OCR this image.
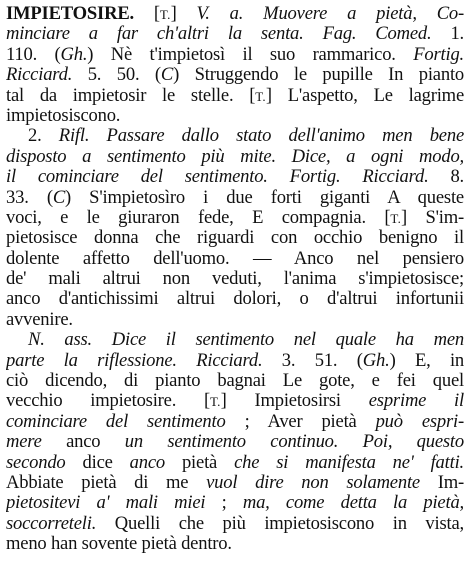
IMPIETOSIRE. [T.] V. a. Muovere a pietà, Co-
minciare a far ch'altri la senta. Fag. Comed. 1.
110. (Gh.) Nè t'impietosì il suo rammarico. Fortig.
Ricciard. 5. 50. (C) Struggendo le pupille In pianto
tal da impietosir le stelle. [T.] L'aspetto, Le lagrime
impietosiscono.
2. Rifl. Passare dallo stato dell'animo men bene
disposto a sentimento più mite. Dice, a ogni modo,
il cominciare del sentimento. Fortig. Ricciard. 8.
33. (C) S'impietosìro i due forti giganti A queste
voci, e le giuraron fede, E compagnia. [T.] S'im-
pietosisce donna che riguardi con occhio benigno il
dolente affetto dell'uomo. — Anco nel pensiero
de' mali altrui non veduti, l'anima s'impietosisce;
anco d'antichissimi altrui dolori, o d'altrui infortunii
avvenire.
N. ass. Dice il sentimento nel quale ha men
parte la riflessione. Ricciard. 3. 51. (Gh.) E, in
ciò dicendo, di pianto bagnai Le gote, e fei quel
vecchio impietosire. [T.] Impietosirsi esprime il
cominciare del sentimento ; Aver pietà può espri-
mere anco un sentimento continuo. Poi, questo
secondo dice anco pietà che si manifesta ne' fatti.
Abbiate pietà di me vuol dire non solamente Im-
pietositevi a' mali miei ; ma, come detta la pietà,
soccorreteli. Quelli che più impietosiscono in vista,
meno han sovente pietà dentro.
